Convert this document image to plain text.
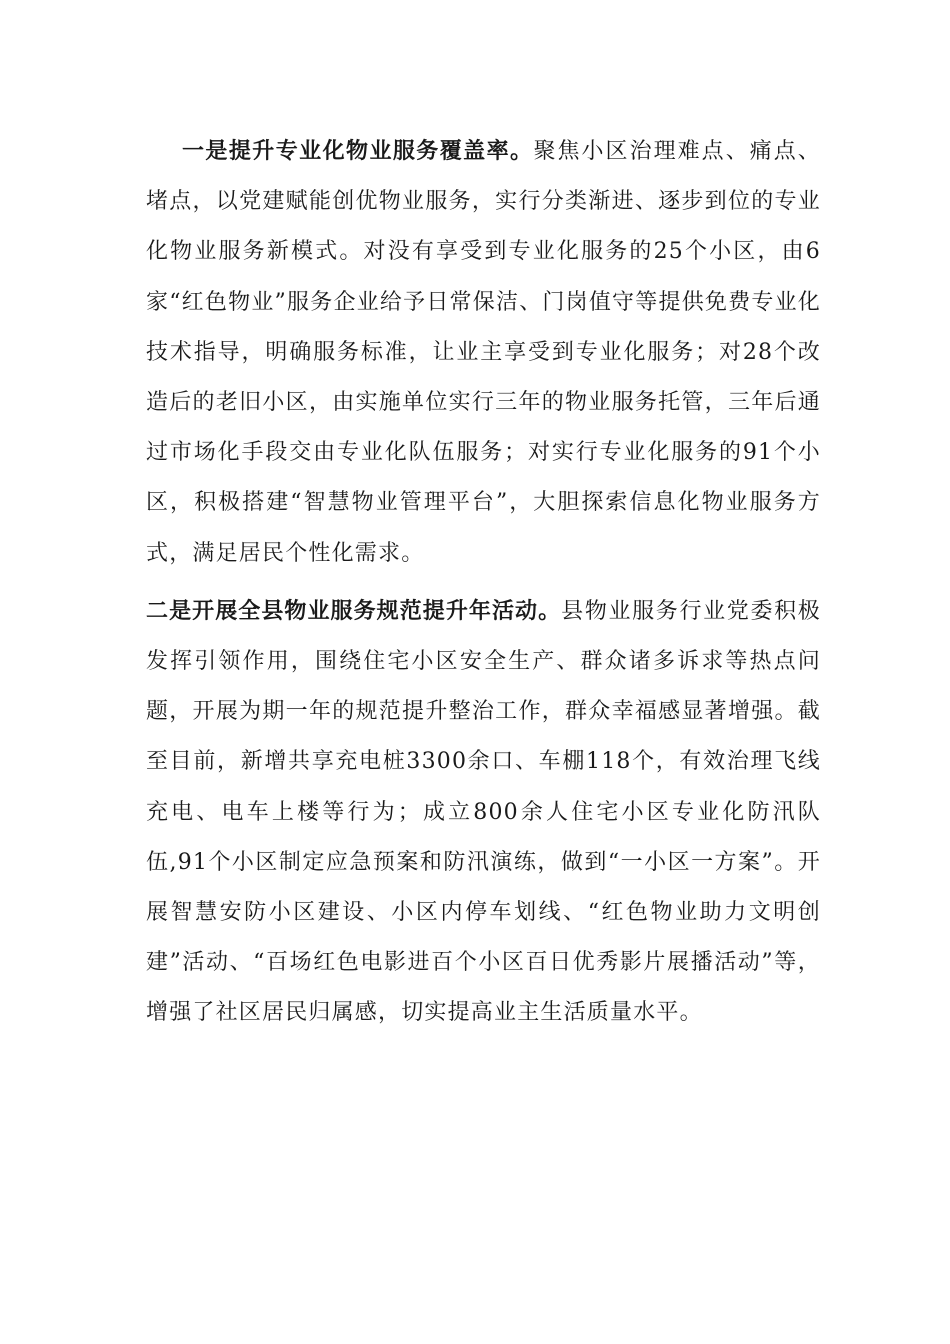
一是提升专业化物业服务覆盖率。聚焦小区治理难点、痛点、堵点，以党建赋能创优物业服务，实行分类渐进、逐步到位的专业化物业服务新模式。对没有享受到专业化服务的25个小区，由6家“红色物业”服务企业给予日常保洁、门岗值守等提供免费专业化技术指导，明确服务标准，让业主享受到专业化服务；对28个改造后的老旧小区，由实施单位实行三年的物业服务托管，三年后通过市场化手段交由专业化队伍服务；对实行专业化服务的91个小区，积极搭建“智慧物业管理平台”，大胆探索信息化物业服务方式，满足居民个性化需求。

二是开展全县物业服务规范提升年活动。县物业服务行业党委积极发挥引领作用，围绕住宅小区安全生产、群众诸多诉求等热点问题，开展为期一年的规范提升整治工作，群众幸福感显著增强。截至目前，新增共享充电桩3300余口、车棚118个，有效治理飞线充电、电车上楼等行为；成立800余人住宅小区专业化防汛队伍,91个小区制定应急预案和防汛演练，做到“一小区一方案”。开展智慧安防小区建设、小区内停车划线、“红色物业助力文明创建”活动、“百场红色电影进百个小区百日优秀影片展播活动”等，增强了社区居民归属感，切实提高业主生活质量水平。
